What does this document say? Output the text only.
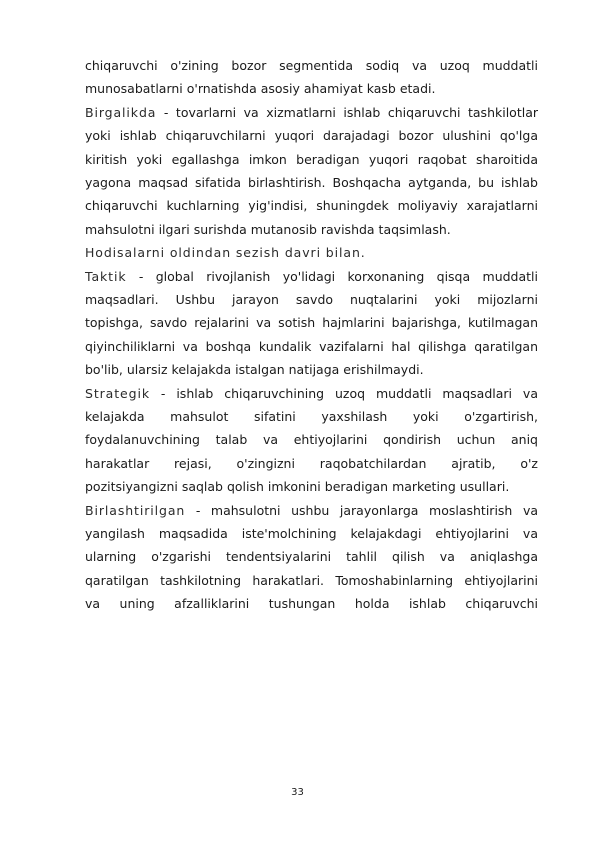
chiqaruvchi o'zining bozor segmentida sodiq va uzoq muddatli
munosabatlarni o'rnatishda asosiy ahamiyat kasb etadi.
Birgalikda - tovarlarni va xizmatlarni ishlab chiqaruvchi tashkilotlar
yoki ishlab chiqaruvchilarni yuqori darajadagi bozor ulushini qo'lga
kiritish yoki egallashga imkon beradigan yuqori raqobat sharoitida
yagona maqsad sifatida birlashtirish. Boshqacha aytganda, bu ishlab
chiqaruvchi kuchlarning yig'indisi, shuningdek moliyaviy xarajatlarni
mahsulotni ilgari surishda mutanosib ravishda taqsimlash.
Hodisalarni oldindan sezish davri bilan.
Taktik - global rivojlanish yo'lidagi korxonaning qisqa muddatli
maqsadlari. Ushbu jarayon savdo nuqtalarini yoki mijozlarni
topishga, savdo rejalarini va sotish hajmlarini bajarishga, kutilmagan
qiyinchiliklarni va boshqa kundalik vazifalarni hal qilishga qaratilgan
bo'lib, ularsiz kelajakda istalgan natijaga erishilmaydi.
Strategik - ishlab chiqaruvchining uzoq muddatli maqsadlari va
kelajakda mahsulot sifatini yaxshilash yoki o'zgartirish,
foydalanuvchining talab va ehtiyojlarini qondirish uchun aniq
harakatlar rejasi, o'zingizni raqobatchilardan ajratib, o'z
pozitsiyangizni saqlab qolish imkonini beradigan marketing usullari.
Birlashtirilgan - mahsulotni ushbu jarayonlarga moslashtirish va
yangilash maqsadida iste'molchining kelajakdagi ehtiyojlarini va
ularning o'zgarishi tendentsiyalarini tahlil qilish va aniqlashga
qaratilgan tashkilotning harakatlari. Tomoshabinlarning ehtiyojlarini
va uning afzalliklarini tushungan holda ishlab chiqaruvchi
33
